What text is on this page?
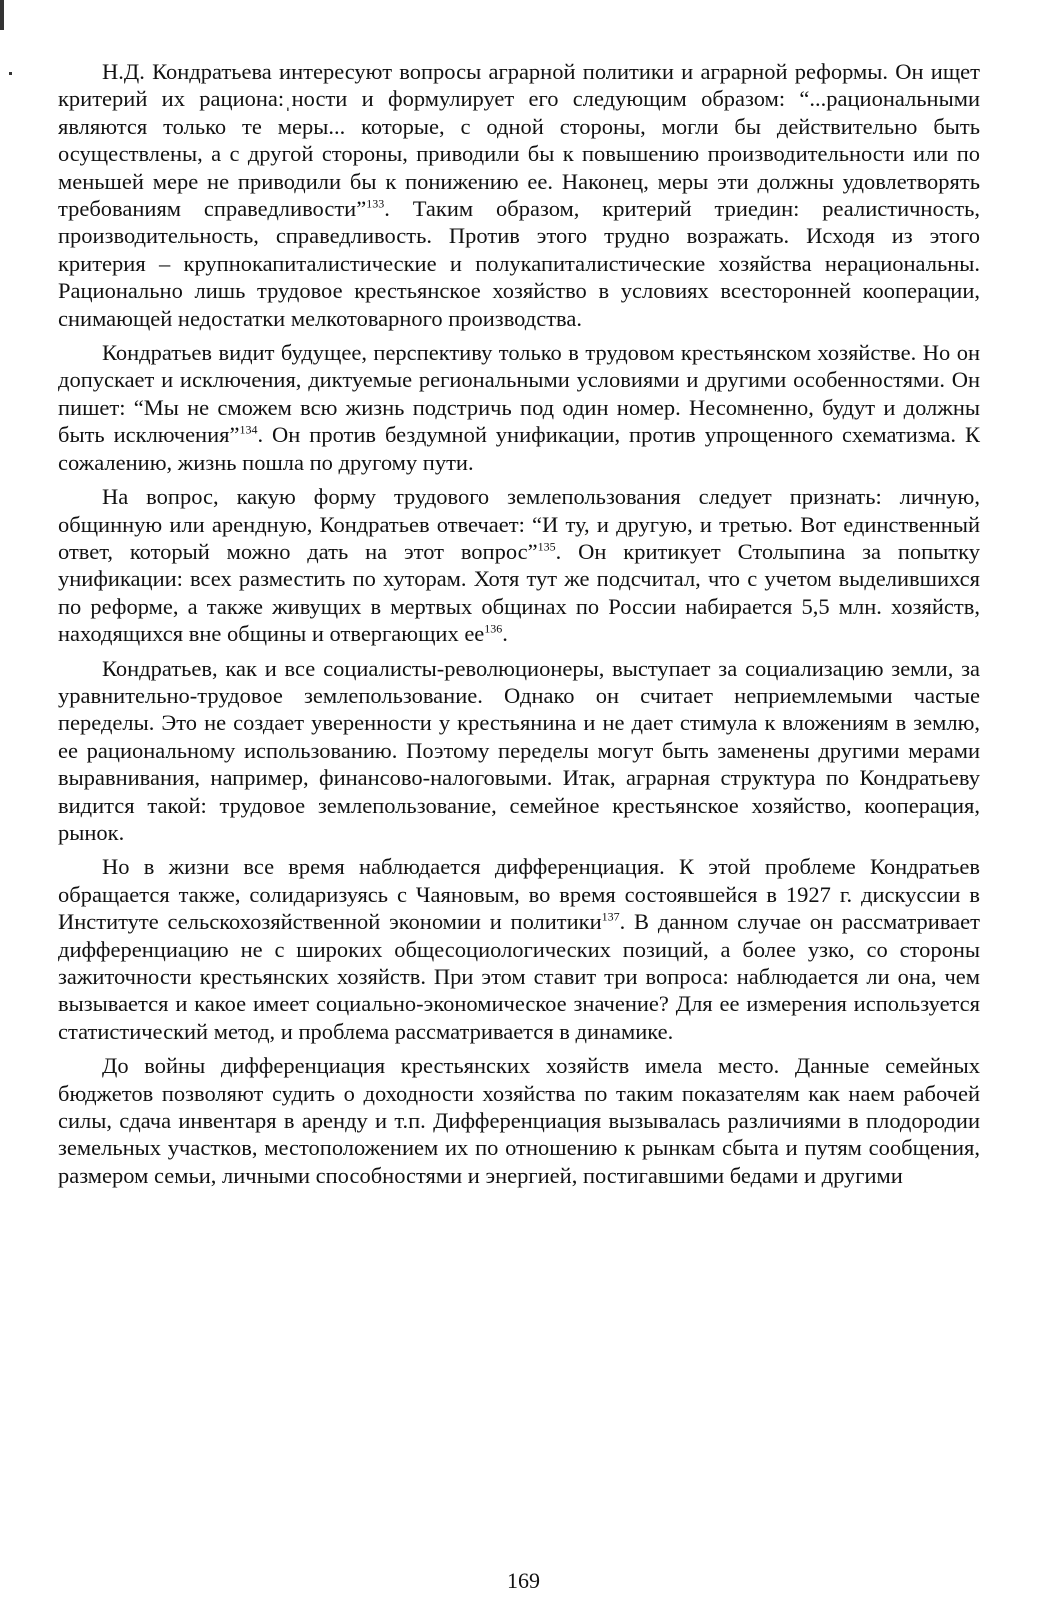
Н.Д. Кондратьева интересуют вопросы аграрной политики и аграрной реформы. Он ищет критерий их рациона:ˌности и формулирует его следующим образом: “...рациональными являются только те меры... которые, с одной стороны, могли бы действительно быть осуществлены, а с другой стороны, приводили бы к повышению производительности или по меньшей мере не приводили бы к понижению ее. Наконец, меры эти должны удовлетворять требованиям справедливости”$^{133}$. Таким образом, критерий триедин: реалистичность, производительность, справедливость. Против этого трудно возражать. Исходя из этого критерия – крупнокапиталистические и полукапиталистические хозяйства нерациональны. Рационально лишь трудовое крестьянское хозяйство в условиях всесторонней кооперации, снимающей недостатки мелкотоварного производства.

Кондратьев видит будущее, перспективу только в трудовом крестьянском хозяйстве. Но он допускает и исключения, диктуемые региональными условиями и другими особенностями. Он пишет: “Мы не сможем всю жизнь подстричь под один номер. Несомненно, будут и должны быть исключения”$^{134}$. Он против бездумной унификации, против упрощенного схематизма. К сожалению, жизнь пошла по другому пути.

На вопрос, какую форму трудового землепользования следует признать: личную, общинную или арендную, Кондратьев отвечает: “И ту, и другую, и третью. Вот единственный ответ, который можно дать на этот вопрос”$^{135}$. Он критикует Столыпина за попытку унификации: всех разместить по хуторам. Хотя тут же подсчитал, что с учетом выделившихся по реформе, а также живущих в мертвых общинах по России набирается 5,5 млн. хозяйств, находящихся вне общины и отвергающих $ее^{136}$.

Кондратьев, как и все социалисты-революционеры, выступает за социализацию земли, за уравнительно-трудовое землепользование. Однако он считает неприемлемыми частые переделы. Это не создает уверенности у крестьянина и не дает стимула к вложениям в землю, ее рациональному использованию. Поэтому переделы могут быть заменены другими мерами выравнивания, например, финансово-налоговыми. Итак, аграрная структура по Кондратьеву видится такой: трудовое землепользование, семейное крестьянское хозяйство, кооперация, рынок.

Но в жизни все время наблюдается дифференциация. К этой проблеме Кондратьев обращается также, солидаризуясь с Чаяновым, во время состоявшейся в 1927 г. дискуссии в Институте сельскохозяйственной экономии и политики$^{137}$. В данном случае он рассматривает дифференциацию не с широких общесоциологических позиций, а более узко, со стороны зажиточности крестьянских хозяйств. При этом ставит три вопроса: наблюдается ли она, чем вызывается и какое имеет социально-экономическое значение? Для ее измерения используется статистический метод, и проблема рассматривается в динамике.

До войны дифференциация крестьянских хозяйств имела место. Данные семейных бюджетов позволяют судить о доходности хозяйства по таким показателям как наем рабочей силы, сдача инвентаря в аренду и т.п. Дифференциация вызывалась различиями в плодородии земельных участков, местоположением их по отношению к рынкам сбыта и путям сообщения, размером семьи, личными способностями и энергией, постигавшими бедами и другими

169
